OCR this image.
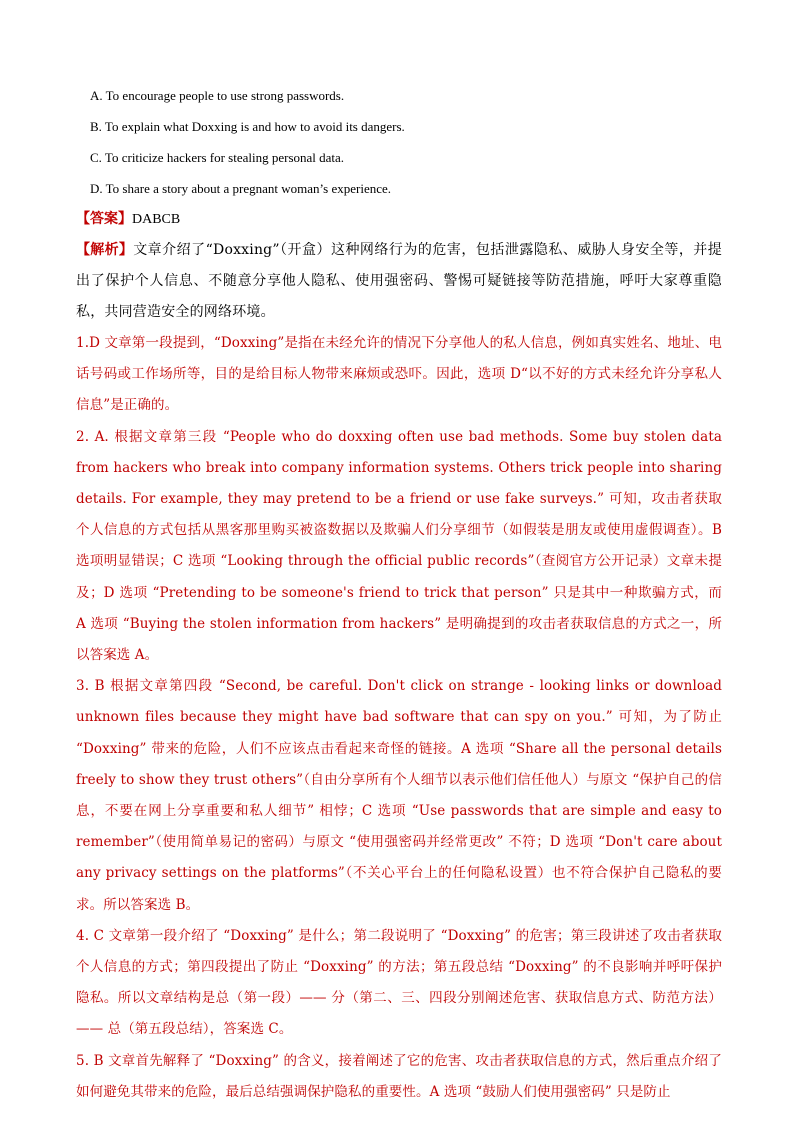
A. To encourage people to use strong passwords.
B. To explain what Doxxing is and how to avoid its dangers.
C. To criticize hackers for stealing personal data.
D. To share a story about a pregnant woman’s experience.
【答案】DABCB
【解析】文章介绍了“Doxxing”（开盒）这种网络行为的危害，包括泄露隐私、威胁人身安全等，并提出了保护个人信息、不随意分享他人隐私、使用强密码、警惕可疑链接等防范措施，呼吁大家尊重隐私，共同营造安全的网络环境。
1.D 文章第一段提到，“Doxxing”是指在未经允许的情况下分享他人的私人信息，例如真实姓名、地址、电话号码或工作场所等，目的是给目标人物带来麻烦或恐吓。因此，选项 D“以不好的方式未经允许分享私人信息”是正确的。
2. A. 根据文章第三段 “People who do doxxing often use bad methods. Some buy stolen data from hackers who break into company information systems. Others trick people into sharing details. For example, they may pretend to be a friend or use fake surveys.” 可知，攻击者获取个人信息的方式包括从黑客那里购买被盗数据以及欺骗人们分享细节（如假装是朋友或使用虚假调查）。B 选项明显错误；C 选项 “Looking through the official public records”（查阅官方公开记录）文章未提及；D 选项 “Pretending to be someone's friend to trick that person” 只是其中一种欺骗方式，而 A 选项 “Buying the stolen information from hackers” 是明确提到的攻击者获取信息的方式之一，所以答案选 A。
3. B 根据文章第四段 “Second, be careful. Don't click on strange - looking links or download unknown files because they might have bad software that can spy on you.” 可知，为了防止 “Doxxing” 带来的危险，人们不应该点击看起来奇怪的链接。A 选项 “Share all the personal details freely to show they trust others”（自由分享所有个人细节以表示他们信任他人）与原文 “保护自己的信息，不要在网上分享重要和私人细节” 相悖；C 选项 “Use passwords that are simple and easy to remember”（使用简单易记的密码）与原文 “使用强密码并经常更改” 不符；D 选项 “Don't care about any privacy settings on the platforms”（不关心平台上的任何隐私设置）也不符合保护自己隐私的要求。所以答案选 B。
4. C 文章第一段介绍了 “Doxxing” 是什么；第二段说明了 “Doxxing” 的危害；第三段讲述了攻击者获取个人信息的方式；第四段提出了防止 “Doxxing” 的方法；第五段总结 “Doxxing” 的不良影响并呼吁保护隐私。所以文章结构是总（第一段）—— 分（第二、三、四段分别阐述危害、获取信息方式、防范方法）—— 总（第五段总结），答案选 C。
5. B 文章首先解释了 “Doxxing” 的含义，接着阐述了它的危害、攻击者获取信息的方式，然后重点介绍了如何避免其带来的危险，最后总结强调保护隐私的重要性。A 选项 “鼓励人们使用强密码” 只是防止
